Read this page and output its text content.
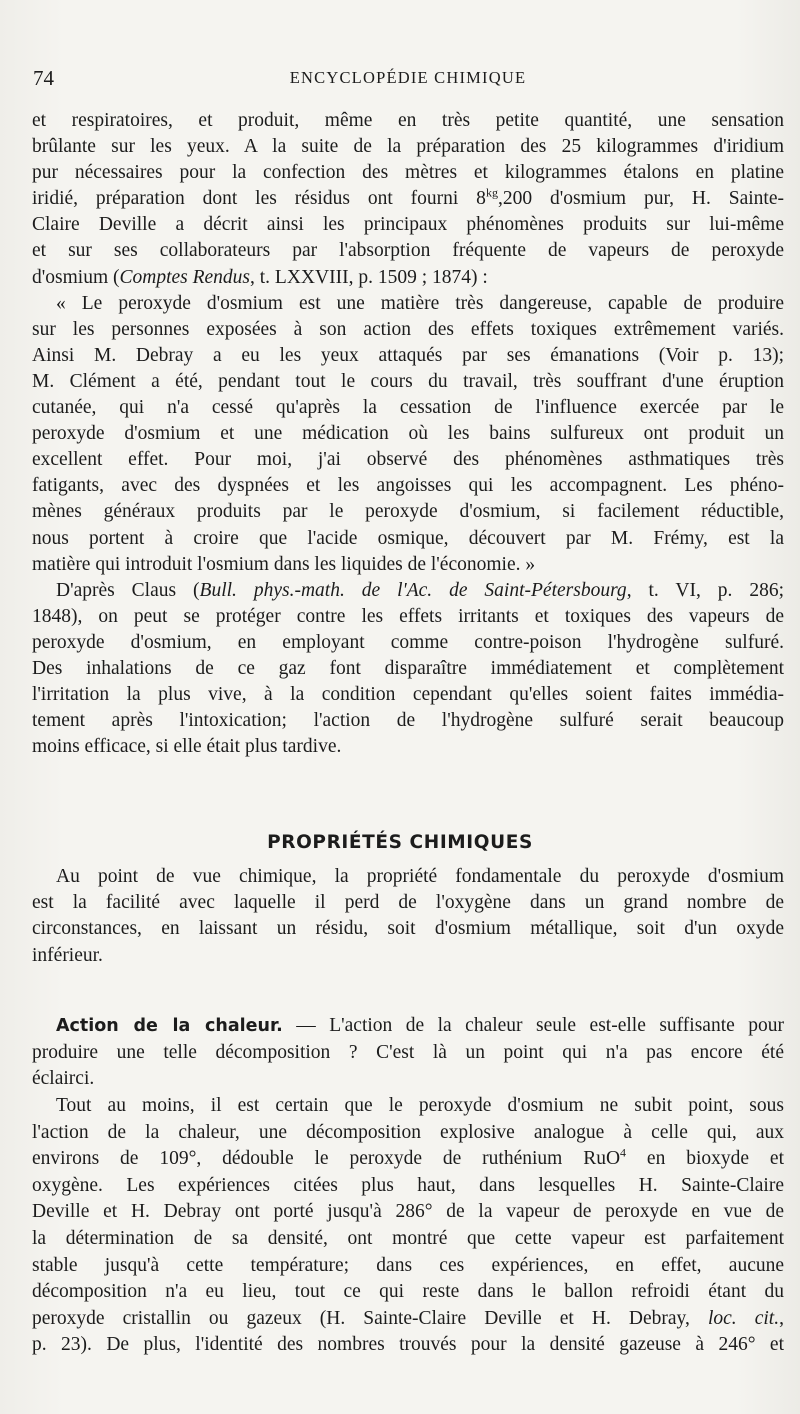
74	ENCYCLOPÉDIE CHIMIQUE
et respiratoires, et produit, même en très petite quantité, une sensation
brûlante sur les yeux. A la suite de la préparation des 25 kilogrammes d'iridium
pur nécessaires pour la confection des mètres et kilogrammes étalons en platine
iridié, préparation dont les résidus ont fourni $8^{kg},200$ d'osmium pur, H. Sainte-
Claire Deville a décrit ainsi les principaux phénomènes produits sur lui-même
et sur ses collaborateurs par l'absorption fréquente de vapeurs de peroxyde
d'osmium (Comptes Rendus, t. LXXVIII, p. 1509 ; 1874) :
« Le peroxyde d'osmium est une matière très dangereuse, capable de produire
sur les personnes exposées à son action des effets toxiques extrêmement variés.
Ainsi M. Debray a eu les yeux attaqués par ses émanations (Voir p. 13);
M. Clément a été, pendant tout le cours du travail, très souffrant d'une éruption
cutanée, qui n'a cessé qu'après la cessation de l'influence exercée par le
peroxyde d'osmium et une médication où les bains sulfureux ont produit un
excellent effet. Pour moi, j'ai observé des phénomènes asthmatiques très
fatigants, avec des dyspnées et les angoisses qui les accompagnent. Les phéno-
mènes généraux produits par le peroxyde d'osmium, si facilement réductible,
nous portent à croire que l'acide osmique, découvert par M. Frémy, est la
matière qui introduit l'osmium dans les liquides de l'économie. »
D'après Claus (Bull. phys.-math. de l'Ac. de Saint-Pétersbourg, t. VI, p. 286;
1848), on peut se protéger contre les effets irritants et toxiques des vapeurs de
peroxyde d'osmium, en employant comme contre-poison l'hydrogène sulfuré.
Des inhalations de ce gaz font disparaître immédiatement et complètement
l'irritation la plus vive, à la condition cependant qu'elles soient faites immédia-
tement après l'intoxication; l'action de l'hydrogène sulfuré serait beaucoup
moins efficace, si elle était plus tardive.
PROPRIÉTÉS CHIMIQUES
Au point de vue chimique, la propriété fondamentale du peroxyde d'osmium
est la facilité avec laquelle il perd de l'oxygène dans un grand nombre de
circonstances, en laissant un résidu, soit d'osmium métallique, soit d'un oxyde
inférieur.
Action de la chaleur. — L'action de la chaleur seule est-elle suffisante pour
produire une telle décomposition ? C'est là un point qui n'a pas encore été
éclairci.
Tout au moins, il est certain que le peroxyde d'osmium ne subit point, sous
l'action de la chaleur, une décomposition explosive analogue à celle qui, aux
environs de 109°, dédouble le peroxyde de ruthénium RuO$^4$ en bioxyde et
oxygène. Les expériences citées plus haut, dans lesquelles H. Sainte-Claire
Deville et H. Debray ont porté jusqu'à 286° de la vapeur de peroxyde en vue de
la détermination de sa densité, ont montré que cette vapeur est parfaitement
stable jusqu'à cette température; dans ces expériences, en effet, aucune
décomposition n'a eu lieu, tout ce qui reste dans le ballon refroidi étant du
peroxyde cristallin ou gazeux (H. Sainte-Claire Deville et H. Debray, loc. cit.,
p. 23). De plus, l'identité des nombres trouvés pour la densité gazeuse à 246° et
